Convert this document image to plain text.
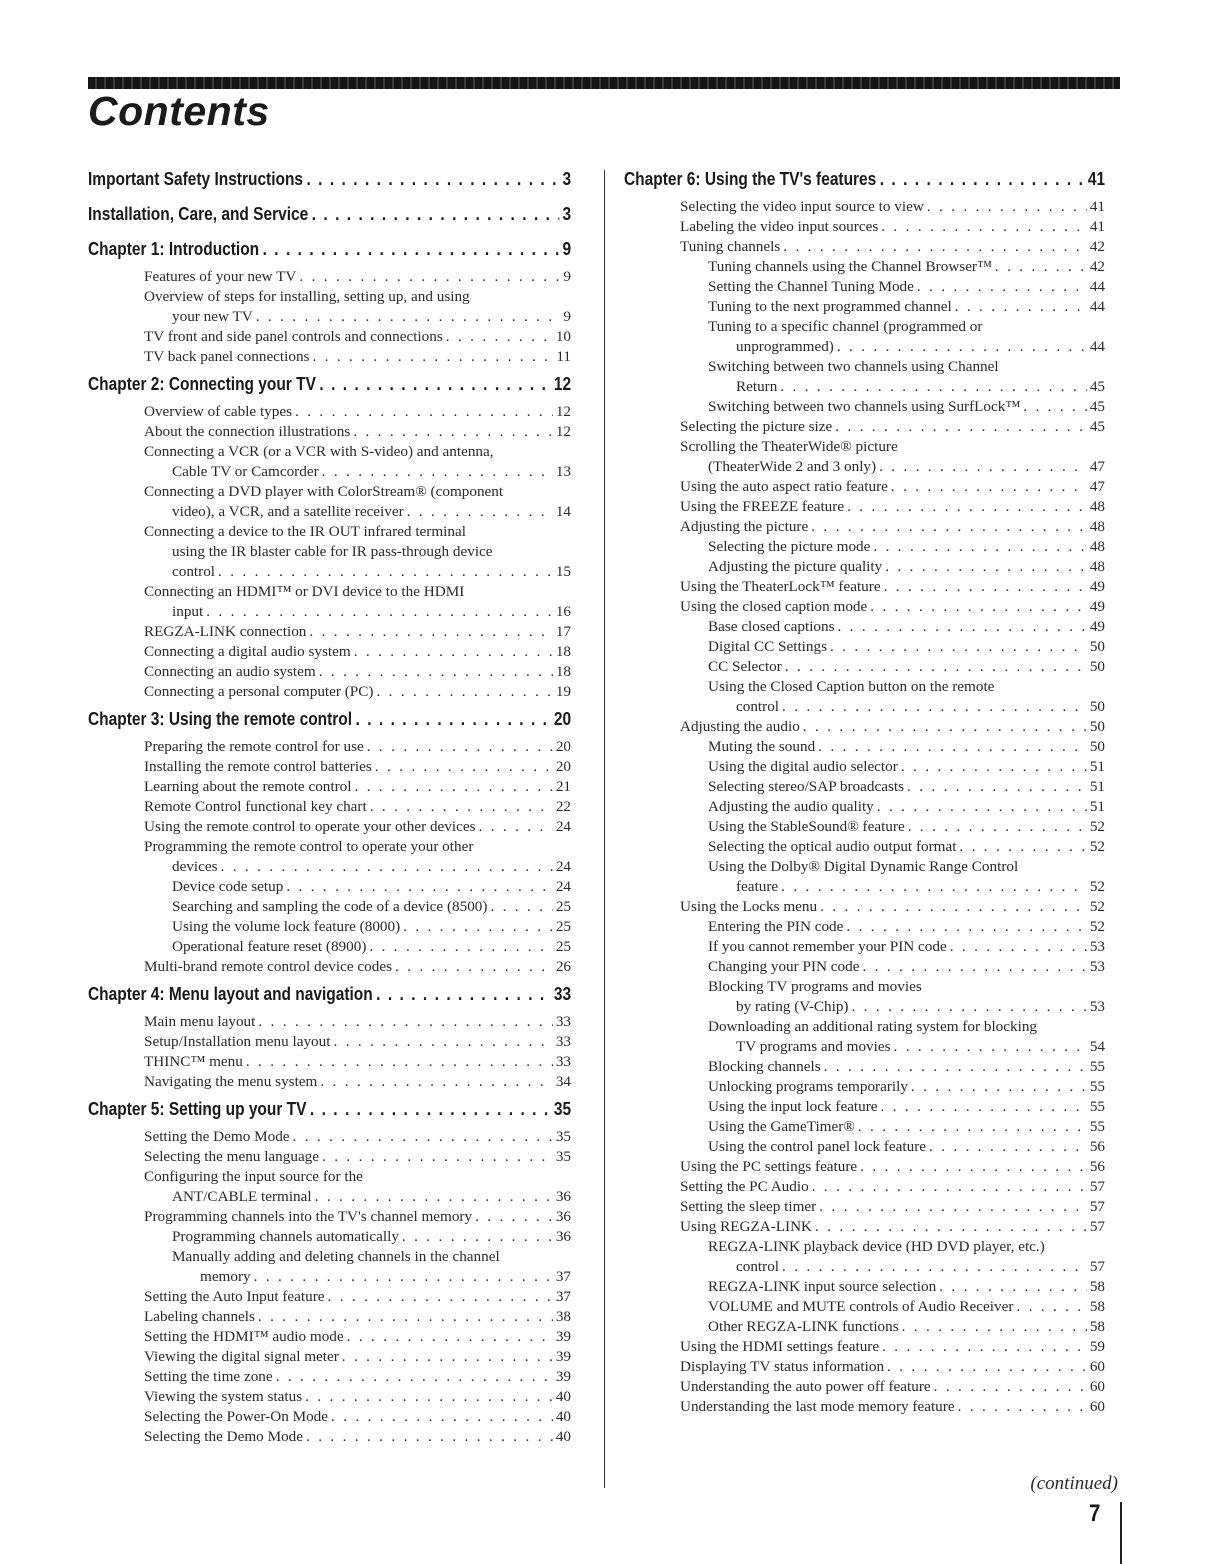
Contents
Important Safety Instructions . . .	3
Installation, Care, and Service . . .	3
Chapter 1: Introduction . . .	9
Features of your new TV . . .	9
Overview of steps for installing, setting up, and using
your new TV . . .	9
TV front and side panel controls and connections . . .	10
TV back panel connections . . .	11
Chapter 2: Connecting your TV . . .	12
Overview of cable types . . .	12
About the connection illustrations . . .	12
Connecting a VCR (or a VCR with S-video) and antenna,
Cable TV or Camcorder . . .	13
Connecting a DVD player with ColorStream® (component
video), a VCR, and a satellite receiver . . .	14
Connecting a device to the IR OUT infrared terminal
using the IR blaster cable for IR pass-through device
control . . .	15
Connecting an HDMI™ or DVI device to the HDMI
input . . .	16
REGZA-LINK connection . . .	17
Connecting a digital audio system . . .	18
Connecting an audio system . . .	18
Connecting a personal computer (PC) . . .	19
Chapter 3: Using the remote control . . .	20
Preparing the remote control for use . . .	20
Installing the remote control batteries . . .	20
Learning about the remote control . . .	21
Remote Control functional key chart . . .	22
Using the remote control to operate your other devices . . .	24
Programming the remote control to operate your other
devices . . .	24
Device code setup . . .	24
Searching and sampling the code of a device (8500) . . .	25
Using the volume lock feature (8000) . . .	25
Operational feature reset (8900) . . .	25
Multi-brand remote control device codes . . .	26
Chapter 4: Menu layout and navigation . . .	33
Main menu layout . . .	33
Setup/Installation menu layout . . .	33
THINC™ menu . . .	33
Navigating the menu system . . .	34
Chapter 5: Setting up your TV . . .	35
Setting the Demo Mode . . .	35
Selecting the menu language . . .	35
Configuring the input source for the
ANT/CABLE terminal . . .	36
Programming channels into the TV's channel memory . . .	36
Programming channels automatically . . .	36
Manually adding and deleting channels in the channel
memory . . .	37
Setting the Auto Input feature . . .	37
Labeling channels . . .	38
Setting the HDMI™ audio mode . . .	39
Viewing the digital signal meter . . .	39
Setting the time zone . . .	39
Viewing the system status . . .	40
Selecting the Power-On Mode . . .	40
Selecting the Demo Mode . . .	40
Chapter 6: Using the TV's features . . .	41
Selecting the video input source to view . . .	41
Labeling the video input sources . . .	41
Tuning channels . . .	42
Tuning channels using the Channel Browser™ . . .	42
Setting the Channel Tuning Mode . . .	44
Tuning to the next programmed channel . . .	44
Tuning to a specific channel (programmed or
unprogrammed) . . .	44
Switching between two channels using Channel
Return . . .	45
Switching between two channels using SurfLock™ . . .	45
Selecting the picture size . . .	45
Scrolling the TheaterWide® picture
(TheaterWide 2 and 3 only) . . .	47
Using the auto aspect ratio feature . . .	47
Using the FREEZE feature . . .	48
Adjusting the picture . . .	48
Selecting the picture mode . . .	48
Adjusting the picture quality . . .	48
Using the TheaterLock™ feature . . .	49
Using the closed caption mode . . .	49
Base closed captions . . .	49
Digital CC Settings . . .	50
CC Selector . . .	50
Using the Closed Caption button on the remote
control . . .	50
Adjusting the audio . . .	50
Muting the sound . . .	50
Using the digital audio selector . . .	51
Selecting stereo/SAP broadcasts . . .	51
Adjusting the audio quality . . .	51
Using the StableSound® feature . . .	52
Selecting the optical audio output format . . .	52
Using the Dolby® Digital Dynamic Range Control
feature . . .	52
Using the Locks menu . . .	52
Entering the PIN code . . .	52
If you cannot remember your PIN code . . .	53
Changing your PIN code . . .	53
Blocking TV programs and movies
by rating (V-Chip) . . .	53
Downloading an additional rating system for blocking
TV programs and movies . . .	54
Blocking channels . . .	55
Unlocking programs temporarily . . .	55
Using the input lock feature . . .	55
Using the GameTimer® . . .	55
Using the control panel lock feature . . .	56
Using the PC settings feature . . .	56
Setting the PC Audio . . .	57
Setting the sleep timer . . .	57
Using REGZA-LINK . . .	57
REGZA-LINK playback device (HD DVD player, etc.)
control . . .	57
REGZA-LINK input source selection . . .	58
VOLUME and MUTE controls of Audio Receiver . . .	58
Other REGZA-LINK functions . . .	58
Using the HDMI settings feature . . .	59
Displaying TV status information . . .	60
Understanding the auto power off feature . . .	60
Understanding the last mode memory feature . . .	60
(continued)
7
